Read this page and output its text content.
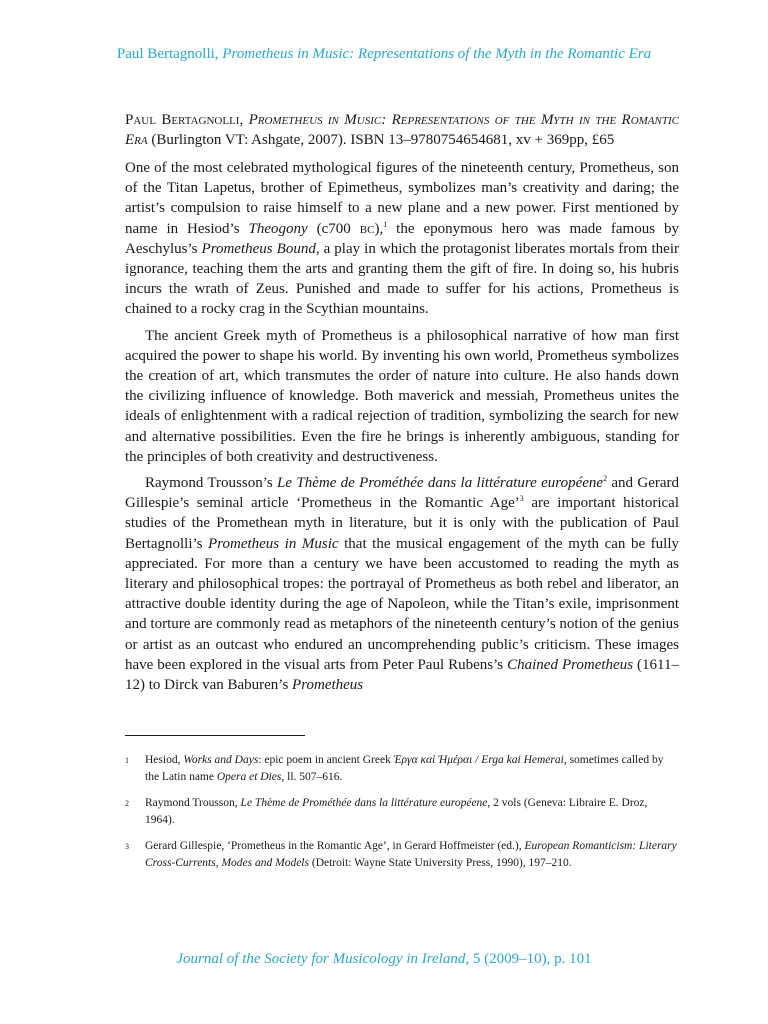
Paul Bertagnolli, Prometheus in Music: Representations of the Myth in the Romantic Era
Paul Bertagnolli, Prometheus in Music: Representations of the Myth in the Romantic Era (Burlington VT: Ashgate, 2007). ISBN 13–9780754654681, xv + 369pp, £65

One of the most celebrated mythological figures of the nineteenth century, Prome⁠theus, son of the Titan Lapetus, brother of Epimetheus, symbolizes man’s creativity and daring; the artist’s compulsion to raise himself to a new plane and a new power. First mentioned by name in Hesiod’s Theogony (c700 bc),$^1$ the eponymous hero was made famous by Aeschylus’s Prometheus Bound, a play in which the protagonist liberates mortals from their ignorance, teaching them the arts and granting them the gift of fire. In doing so, his hubris incurs the wrath of Zeus. Punished and made to suffer for his actions, Prometheus is chained to a rocky crag in the Scythian mountains.

The ancient Greek myth of Prometheus is a philosophical narrative of how man first acquired the power to shape his world. By inventing his own world, Prometheus symbolizes the creation of art, which transmutes the order of nature into culture. He also hands down the civilizing influence of knowledge. Both maverick and messiah, Prometheus unites the ideals of enlightenment with a radical rejection of tradition, symbolizing the search for new and alternative possibilities. Even the fire he brings is inherently ambiguous, standing for the principles of both creativity and destructiveness.

Raymond Trousson’s Le Thème de Prométhée dans la littérature européene$^2$ and Gerard Gillespie’s seminal article ‘Prometheus in the Romantic Age’$^3$ are important historical studies of the Promethean myth in literature, but it is only with the publication of Paul Bertagnolli’s Prometheus in Music that the musical engagement of the myth can be fully appreciated. For more than a century we have been accustomed to reading the myth as literary and philosophical tropes: the portrayal of Prometheus as both rebel and liberator, an attractive double identity during the age of Napoleon, while the Titan’s exile, imprisonment and torture are commonly read as metaphors of the nineteenth century’s notion of the genius or artist as an outcast who endured an uncomprehending public’s criticism. These images have been explored in the visual arts from Peter Paul Rubens’s Chained Prometheus (1611–12) to Dirck van Baburen’s Prometheus

1 Hesiod, Works and Days: epic poem in ancient Greek Έργα καὶ Ήμέραι / Erga kai Hemerai, sometimes called by the Latin name Opera et Dies, ll. 507–616.
2 Raymond Trousson, Le Thème de Prométhée dans la littérature européene, 2 vols (Geneva: Libraire E. Droz, 1964).
3 Gerard Gillespie, ‘Prometheus in the Romantic Age’, in Gerard Hoffmeister (ed.), European Romanticism: Literary Cross-Currents, Modes and Models (Detroit: Wayne State University Press, 1990), 197–210.
Journal of the Society for Musicology in Ireland, 5 (2009–10), p. 101
